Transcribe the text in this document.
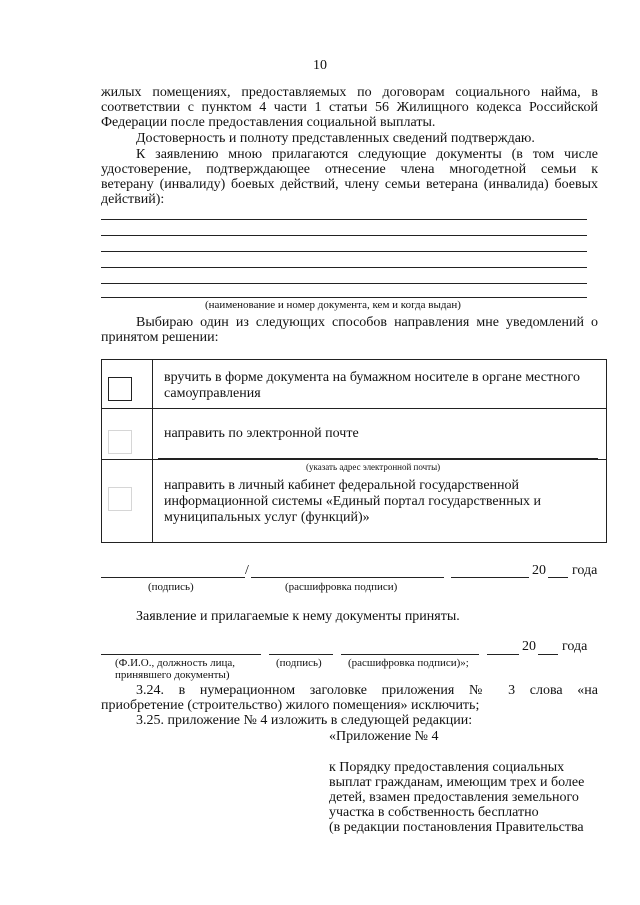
10
жилых помещениях, предоставляемых по договорам социального найма, в
соответствии с пунктом 4 части 1 статьи 56 Жилищного кодекса Российской
Федерации после предоставления социальной выплаты.
Достоверность и полноту представленных сведений подтверждаю.
К заявлению мною прилагаются следующие документы (в том числе
удостоверение, подтверждающее отнесение члена многодетной семьи к
ветерану (инвалиду) боевых действий, члену семьи ветерана (инвалида) боевых
действий):
(наименование и номер документа, кем и когда выдан)
Выбираю один из следующих способов направления мне уведомлений о
принятом решении:
вручить в форме документа на бумажном носителе в органе местного
самоуправления
направить по электронной почте
(указать адрес электронной почты)
направить в личный кабинет федеральной государственной
информационной системы «Единый портал государственных и
муниципальных услуг (функций)»
/	20 года
(подпись)	(расшифровка подписи)
Заявление и прилагаемые к нему документы приняты.
20 года
(Ф.И.О., должность лица,
принявшего документы)
(подпись) (расшифровка подписи)»;
3.24. в нумерационном заголовке приложения № 3 слова «на
приобретение (строительство) жилого помещения» исключить;
3.25. приложение № 4 изложить в следующей редакции:
«Приложение № 4
к Порядку предоставления социальных
выплат гражданам, имеющим трех и более
детей, взамен предоставления земельного
участка в собственность бесплатно
(в редакции постановления Правительства
